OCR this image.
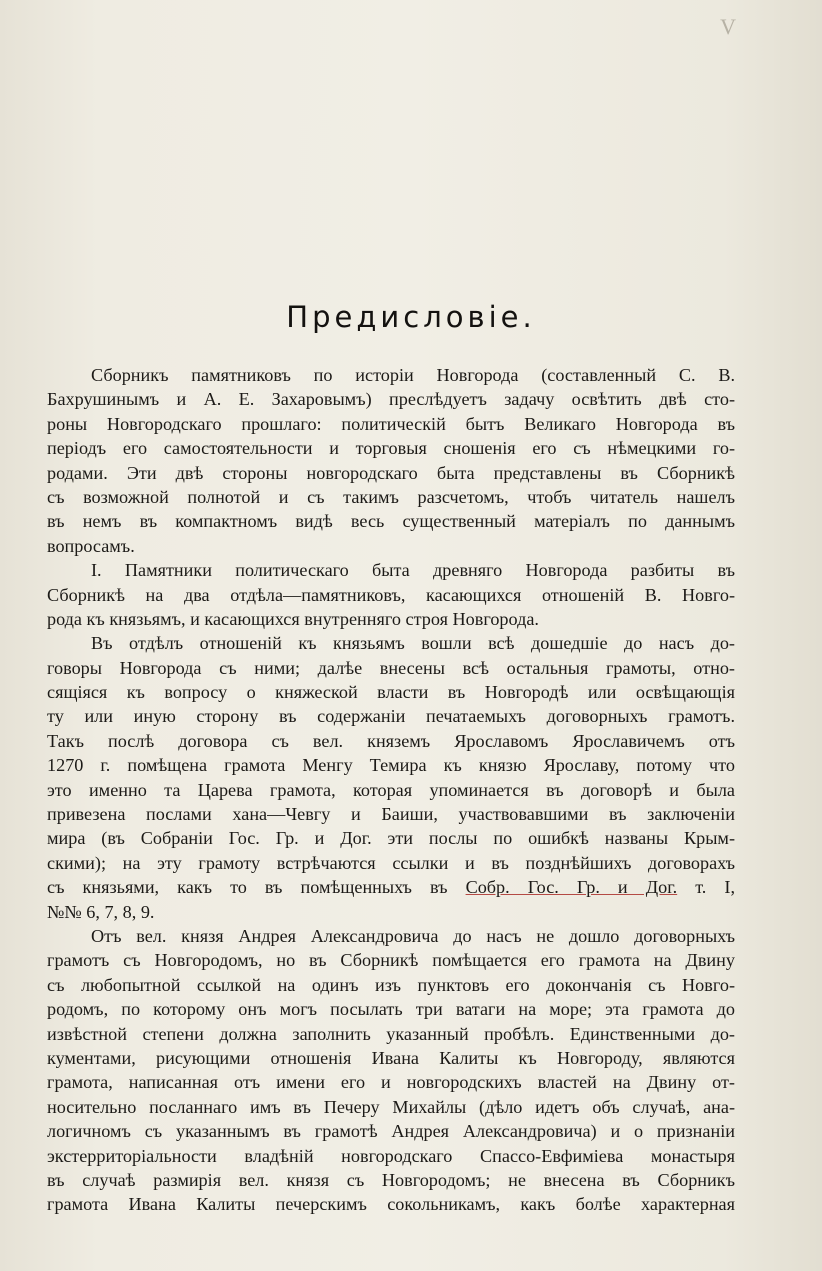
V
Предисловіе.
Сборникъ памятниковъ по исторіи Новгорода (составленный С. В.
Бахрушинымъ и А. Е. Захаровымъ) преслѣдуетъ задачу освѣтить двѣ сто-
роны Новгородскаго прошлаго: политическій бытъ Великаго Новгорода въ
періодъ его самостоятельности и торговыя сношенія его съ нѣмецкими го-
родами. Эти двѣ стороны новгородскаго быта представлены въ Сборникѣ
съ возможной полнотой и съ такимъ разсчетомъ, чтобъ читатель нашелъ
въ немъ въ компактномъ видѣ весь существенный матеріалъ по даннымъ
вопросамъ.
I. Памятники политическаго быта древняго Новгорода разбиты въ
Сборникѣ на два отдѣла—памятниковъ, касающихся отношеній В. Новго-
рода къ князьямъ, и касающихся внутренняго строя Новгорода.
Въ отдѣлъ отношеній къ князьямъ вошли всѣ дошедшіе до насъ до-
говоры Новгорода съ ними; далѣе внесены всѣ остальныя грамоты, отно-
сящіяся къ вопросу о княжеской власти въ Новгородѣ или освѣщающія
ту или иную сторону въ содержаніи печатаемыхъ договорныхъ грамотъ.
Такъ послѣ договора съ вел. княземъ Ярославомъ Ярославичемъ отъ
1270 г. помѣщена грамота Менгу Темира къ князю Ярославу, потому что
это именно та Царева грамота, которая упоминается въ договорѣ и была
привезена послами хана—Чевгу и Баиши, участвовавшими въ заключеніи
мира (въ Собраніи Гос. Гр. и Дог. эти послы по ошибкѣ названы Крым-
скими); на эту грамоту встрѣчаются ссылки и въ позднѣйшихъ договорахъ
съ князьями, какъ то въ помѣщенныхъ въ Собр. Гос. Гр. и Дог. т. I,
№№ 6, 7, 8, 9.
Отъ вел. князя Андрея Александровича до насъ не дошло договорныхъ
грамотъ съ Новгородомъ, но въ Сборникѣ помѣщается его грамота на Двину
съ любопытной ссылкой на одинъ изъ пунктовъ его докончанія съ Новго-
родомъ, по которому онъ могъ посылать три ватаги на море; эта грамота до
извѣстной степени должна заполнить указанный пробѣлъ. Единственными до-
кументами, рисующими отношенія Ивана Калиты къ Новгороду, являются
грамота, написанная отъ имени его и новгородскихъ властей на Двину от-
носительно посланнаго имъ въ Печеру Михайлы (дѣло идетъ объ случаѣ, ана-
логичномъ съ указаннымъ въ грамотѣ Андрея Александровича) и о признаніи
экстерриторіальности владѣній новгородскаго Спассо-Евфиміева монастыря
въ случаѣ размирія вел. князя съ Новгородомъ; не внесена въ Сборникъ
грамота Ивана Калиты печерскимъ сокольникамъ, какъ болѣе характерная
